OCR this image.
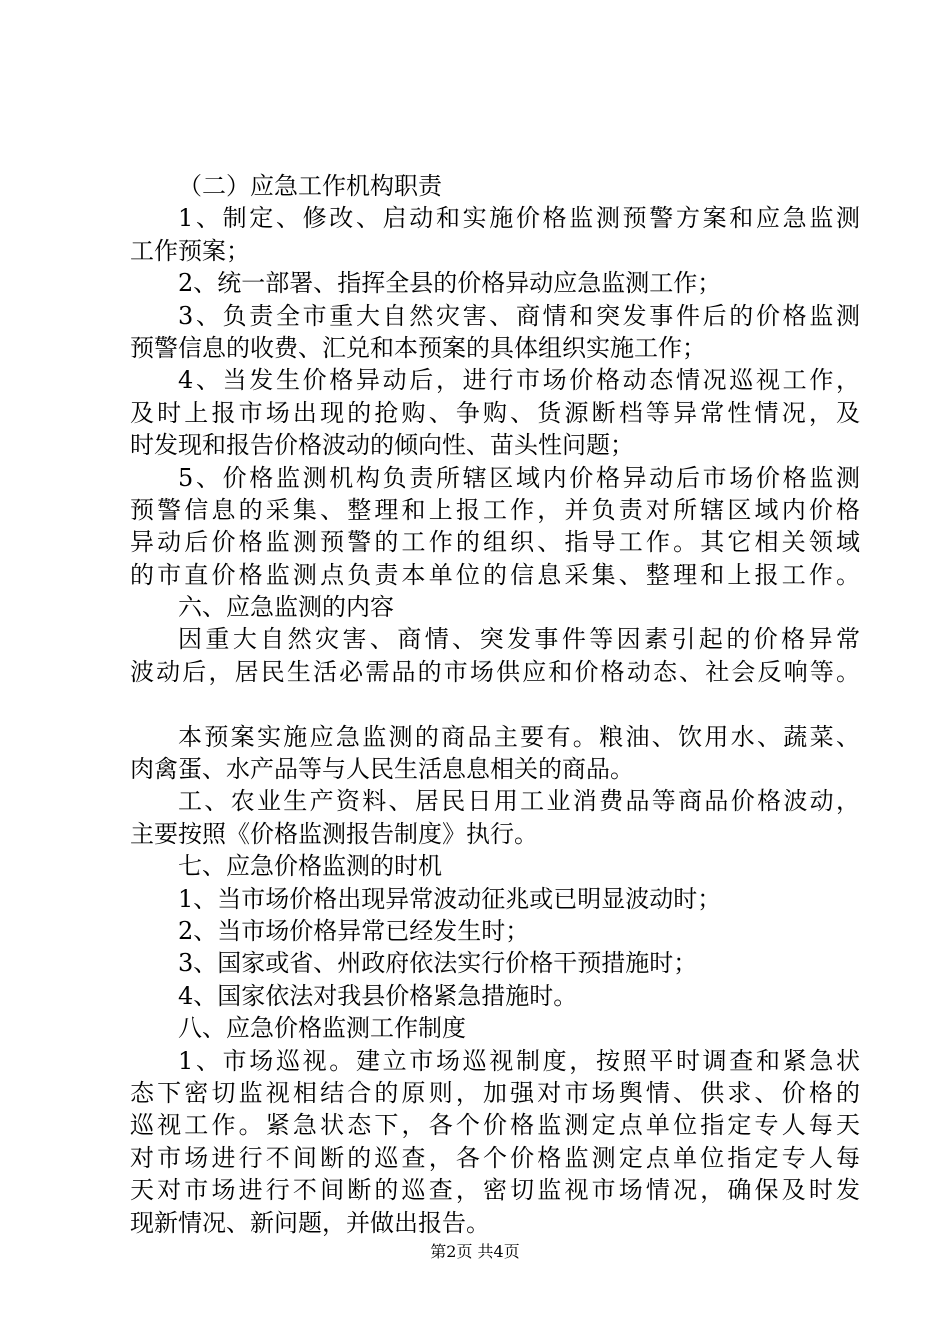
（二）应急工作机构职责
1、制定、修改、启动和实施价格监测预警方案和应急监测
工作预案；
2、统一部署、指挥全县的价格异动应急监测工作；
3、负责全市重大自然灾害、商情和突发事件后的价格监测
预警信息的收费、汇兑和本预案的具体组织实施工作；
4、当发生价格异动后，进行市场价格动态情况巡视工作，
及时上报市场出现的抢购、争购、货源断档等异常性情况，及
时发现和报告价格波动的倾向性、苗头性问题；
5、价格监测机构负责所辖区域内价格异动后市场价格监测
预警信息的采集、整理和上报工作，并负责对所辖区域内价格
异动后价格监测预警的工作的组织、指导工作。其它相关领域
的市直价格监测点负责本单位的信息采集、整理和上报工作。
六、应急监测的内容
因重大自然灾害、商情、突发事件等因素引起的价格异常
波动后，居民生活必需品的市场供应和价格动态、社会反响等。
本预案实施应急监测的商品主要有。粮油、饮用水、蔬菜、
肉禽蛋、水产品等与人民生活息息相关的商品。
工、农业生产资料、居民日用工业消费品等商品价格波动，
主要按照《价格监测报告制度》执行。
七、应急价格监测的时机
1、当市场价格出现异常波动征兆或已明显波动时；
2、当市场价格异常已经发生时；
3、国家或省、州政府依法实行价格干预措施时；
4、国家依法对我县价格紧急措施时。
八、应急价格监测工作制度
1、市场巡视。建立市场巡视制度，按照平时调查和紧急状
态下密切监视相结合的原则，加强对市场舆情、供求、价格的
巡视工作。紧急状态下，各个价格监测定点单位指定专人每天
对市场进行不间断的巡查，各个价格监测定点单位指定专人每
天对市场进行不间断的巡查，密切监视市场情况，确保及时发
现新情况、新问题，并做出报告。
第2页 共4页
